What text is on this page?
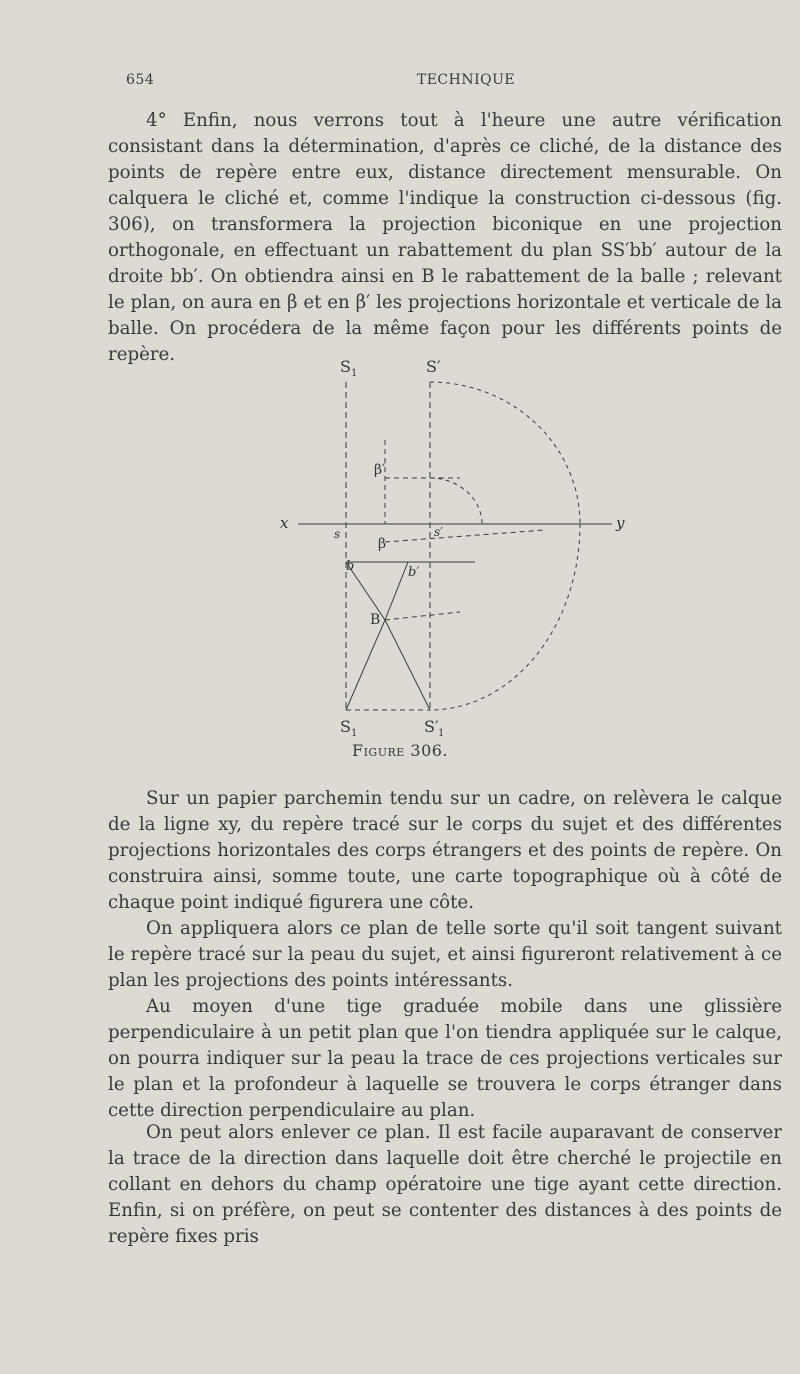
654	TECHNIQUE

4° Enfin, nous verrons tout à l'heure une autre vérification consistant dans la détermination, d'après ce cliché, de la distance des points de repère entre eux, distance directement mensurable. On calquera le cliché et, comme l'indique la construction ci-dessous (fig. 306), on transformera la projection biconique en une projection orthogonale, en effectuant un rabattement du plan SS′bb′ autour de la droite bb′. On obtiendra ainsi en B le rabattement de la balle ; relevant le plan, on aura en β et en β′ les projections horizontale et verticale de la balle. On procédera de la même façon pour les différents points de repère.

S 1	S′
β′
x	y
s	s′
β
b	b′
B
S 1	S′ 1
Figure 306.

Sur un papier parchemin tendu sur un cadre, on relèvera le calque de la ligne xy, du repère tracé sur le corps du sujet et des différentes projections horizontales des corps étrangers et des points de repère. On construira ainsi, somme toute, une carte topographique où à côté de chaque point indiqué figurera une côte.

On appliquera alors ce plan de telle sorte qu'il soit tangent suivant le repère tracé sur la peau du sujet, et ainsi figureront relativement à ce plan les projections des points intéressants.

Au moyen d'une tige graduée mobile dans une glissière perpendiculaire à un petit plan que l'on tiendra appliquée sur le calque, on pourra indiquer sur la peau la trace de ces projections verticales sur le plan et la profondeur à laquelle se trouvera le corps étranger dans cette direction perpendiculaire au plan.

On peut alors enlever ce plan. Il est facile auparavant de conserver la trace de la direction dans laquelle doit être cherché le projectile en collant en dehors du champ opératoire une tige ayant cette direction. Enfin, si on préfère, on peut se contenter des distances à des points de repère fixes pris
